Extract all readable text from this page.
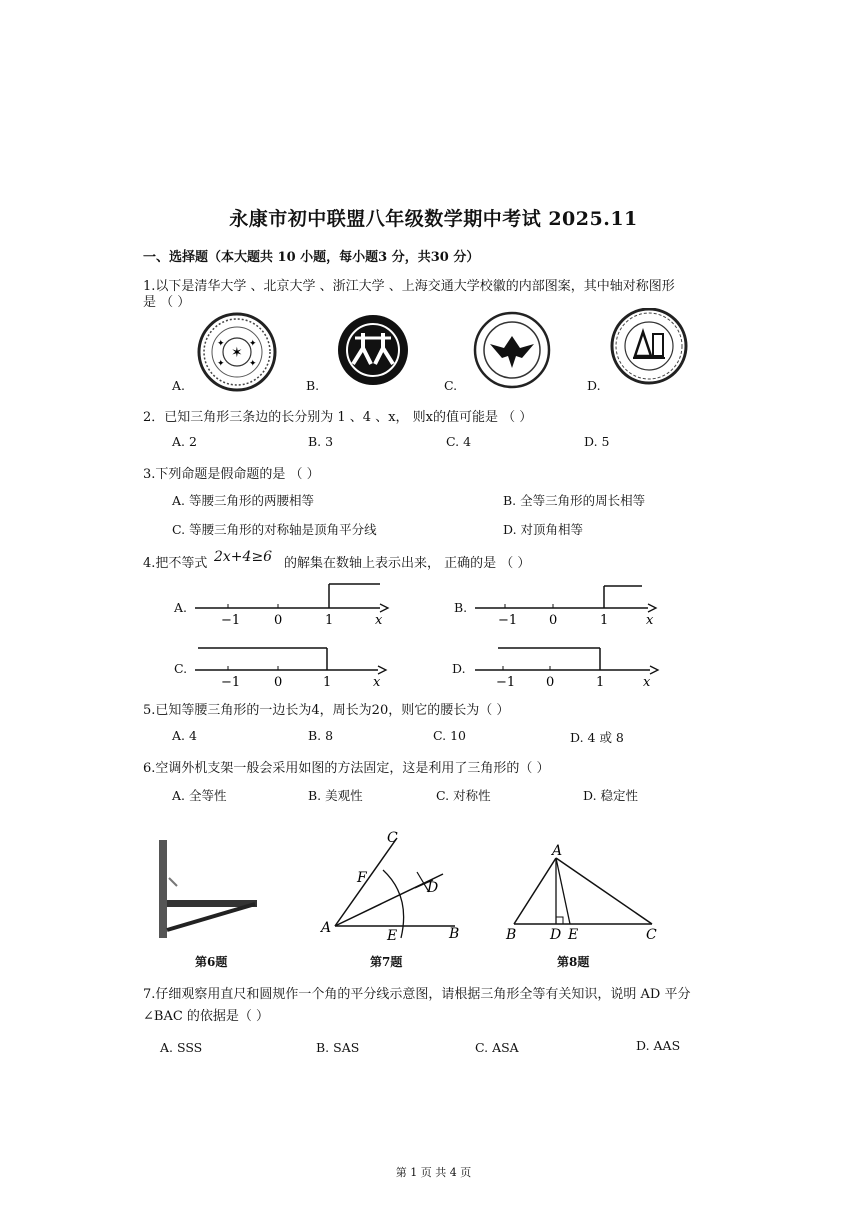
永康市初中联盟八年级数学期中考试 2025.11
一、选择题（本大题共 10 小题，每小题3 分，共30 分）
1.以下是清华大学 、北京大学 、浙江大学 、上海交通大学校徽的内部图案，其中轴对称图形
是 （ ）
✶
✦	✦
✦	✦
A.	B.	C.	D.
2．已知三角形三条边的长分别为 1 、4 、x， 则x的值可能是 （ ）
A. 2	B. 3	C. 4	D. 5
3.下列命题是假命题的是 （ ）
A. 等腰三角形的两腰相等	B. 全等三角形的周长相等
C. 等腰三角形的对称轴是顶角平分线	D. 对顶角相等
4.把不等式 2x+4≥6 的解集在数轴上表示出来， 正确的是 （ ）
A.	B.
C.	D.
−1	0	1	x	−1 0	1	x
−1	0	1	x	−1 0	1	x
5.已知等腰三角形的一边长为4，周长为20，则它的腰长为（ ）
A. 4	B. 8	C. 10	D. 4 或 8
6.空调外机支架一般会采用如图的方法固定，这是利用了三角形的（ ）
A. 全等性	B. 美观性	C. 对称性	D. 稳定性
C
F
D
A	E	B
A
B D E	C
第6题	第7题	第8题
7.仔细观察用直尺和圆规作一个角的平分线示意图，请根据三角形全等有关知识，说明 AD 平分
∠BAC 的依据是（ ）
A. SSS	B. SAS	C. ASA	D. AAS
第 1 页 共 4 页
